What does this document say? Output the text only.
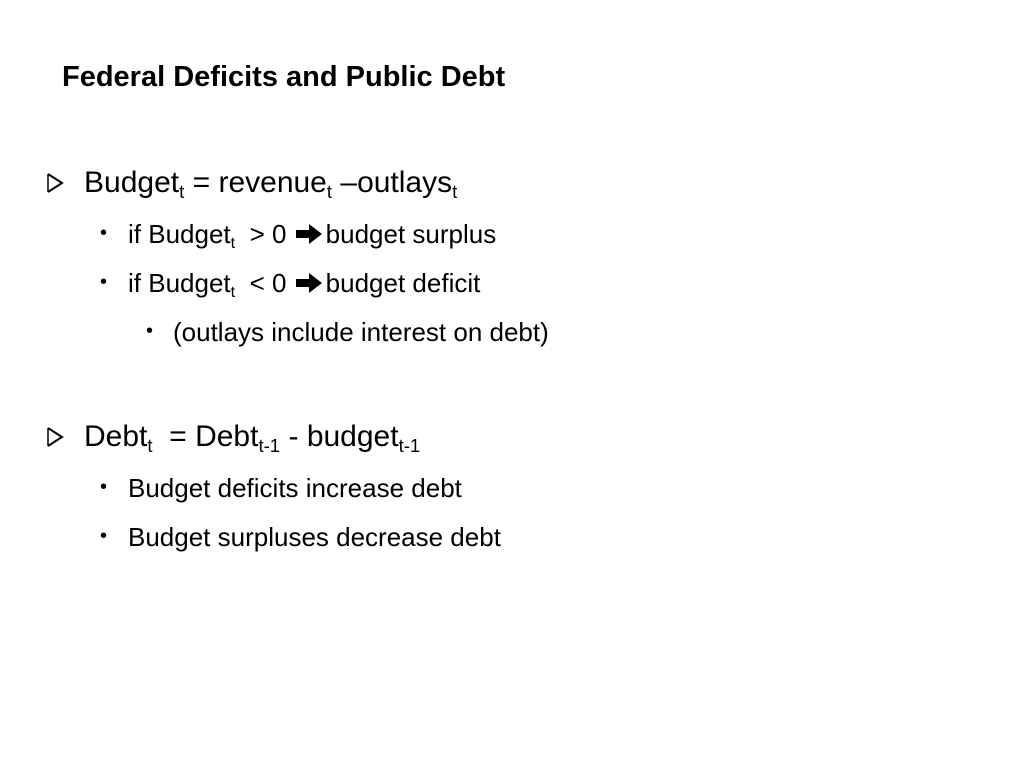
Federal Deficits and Public Debt
Budget$_t$ = revenue$_t$ –outlays$_t$
• if Budget$_t$  > 0 budget surplus
• if Budget$_t$  < 0 budget deficit
• (outlays include interest on debt)
Debt$_t$  = Debt$_{t-1}$ - budget$_{t-1}$
• Budget deficits increase debt
• Budget surpluses decrease debt
